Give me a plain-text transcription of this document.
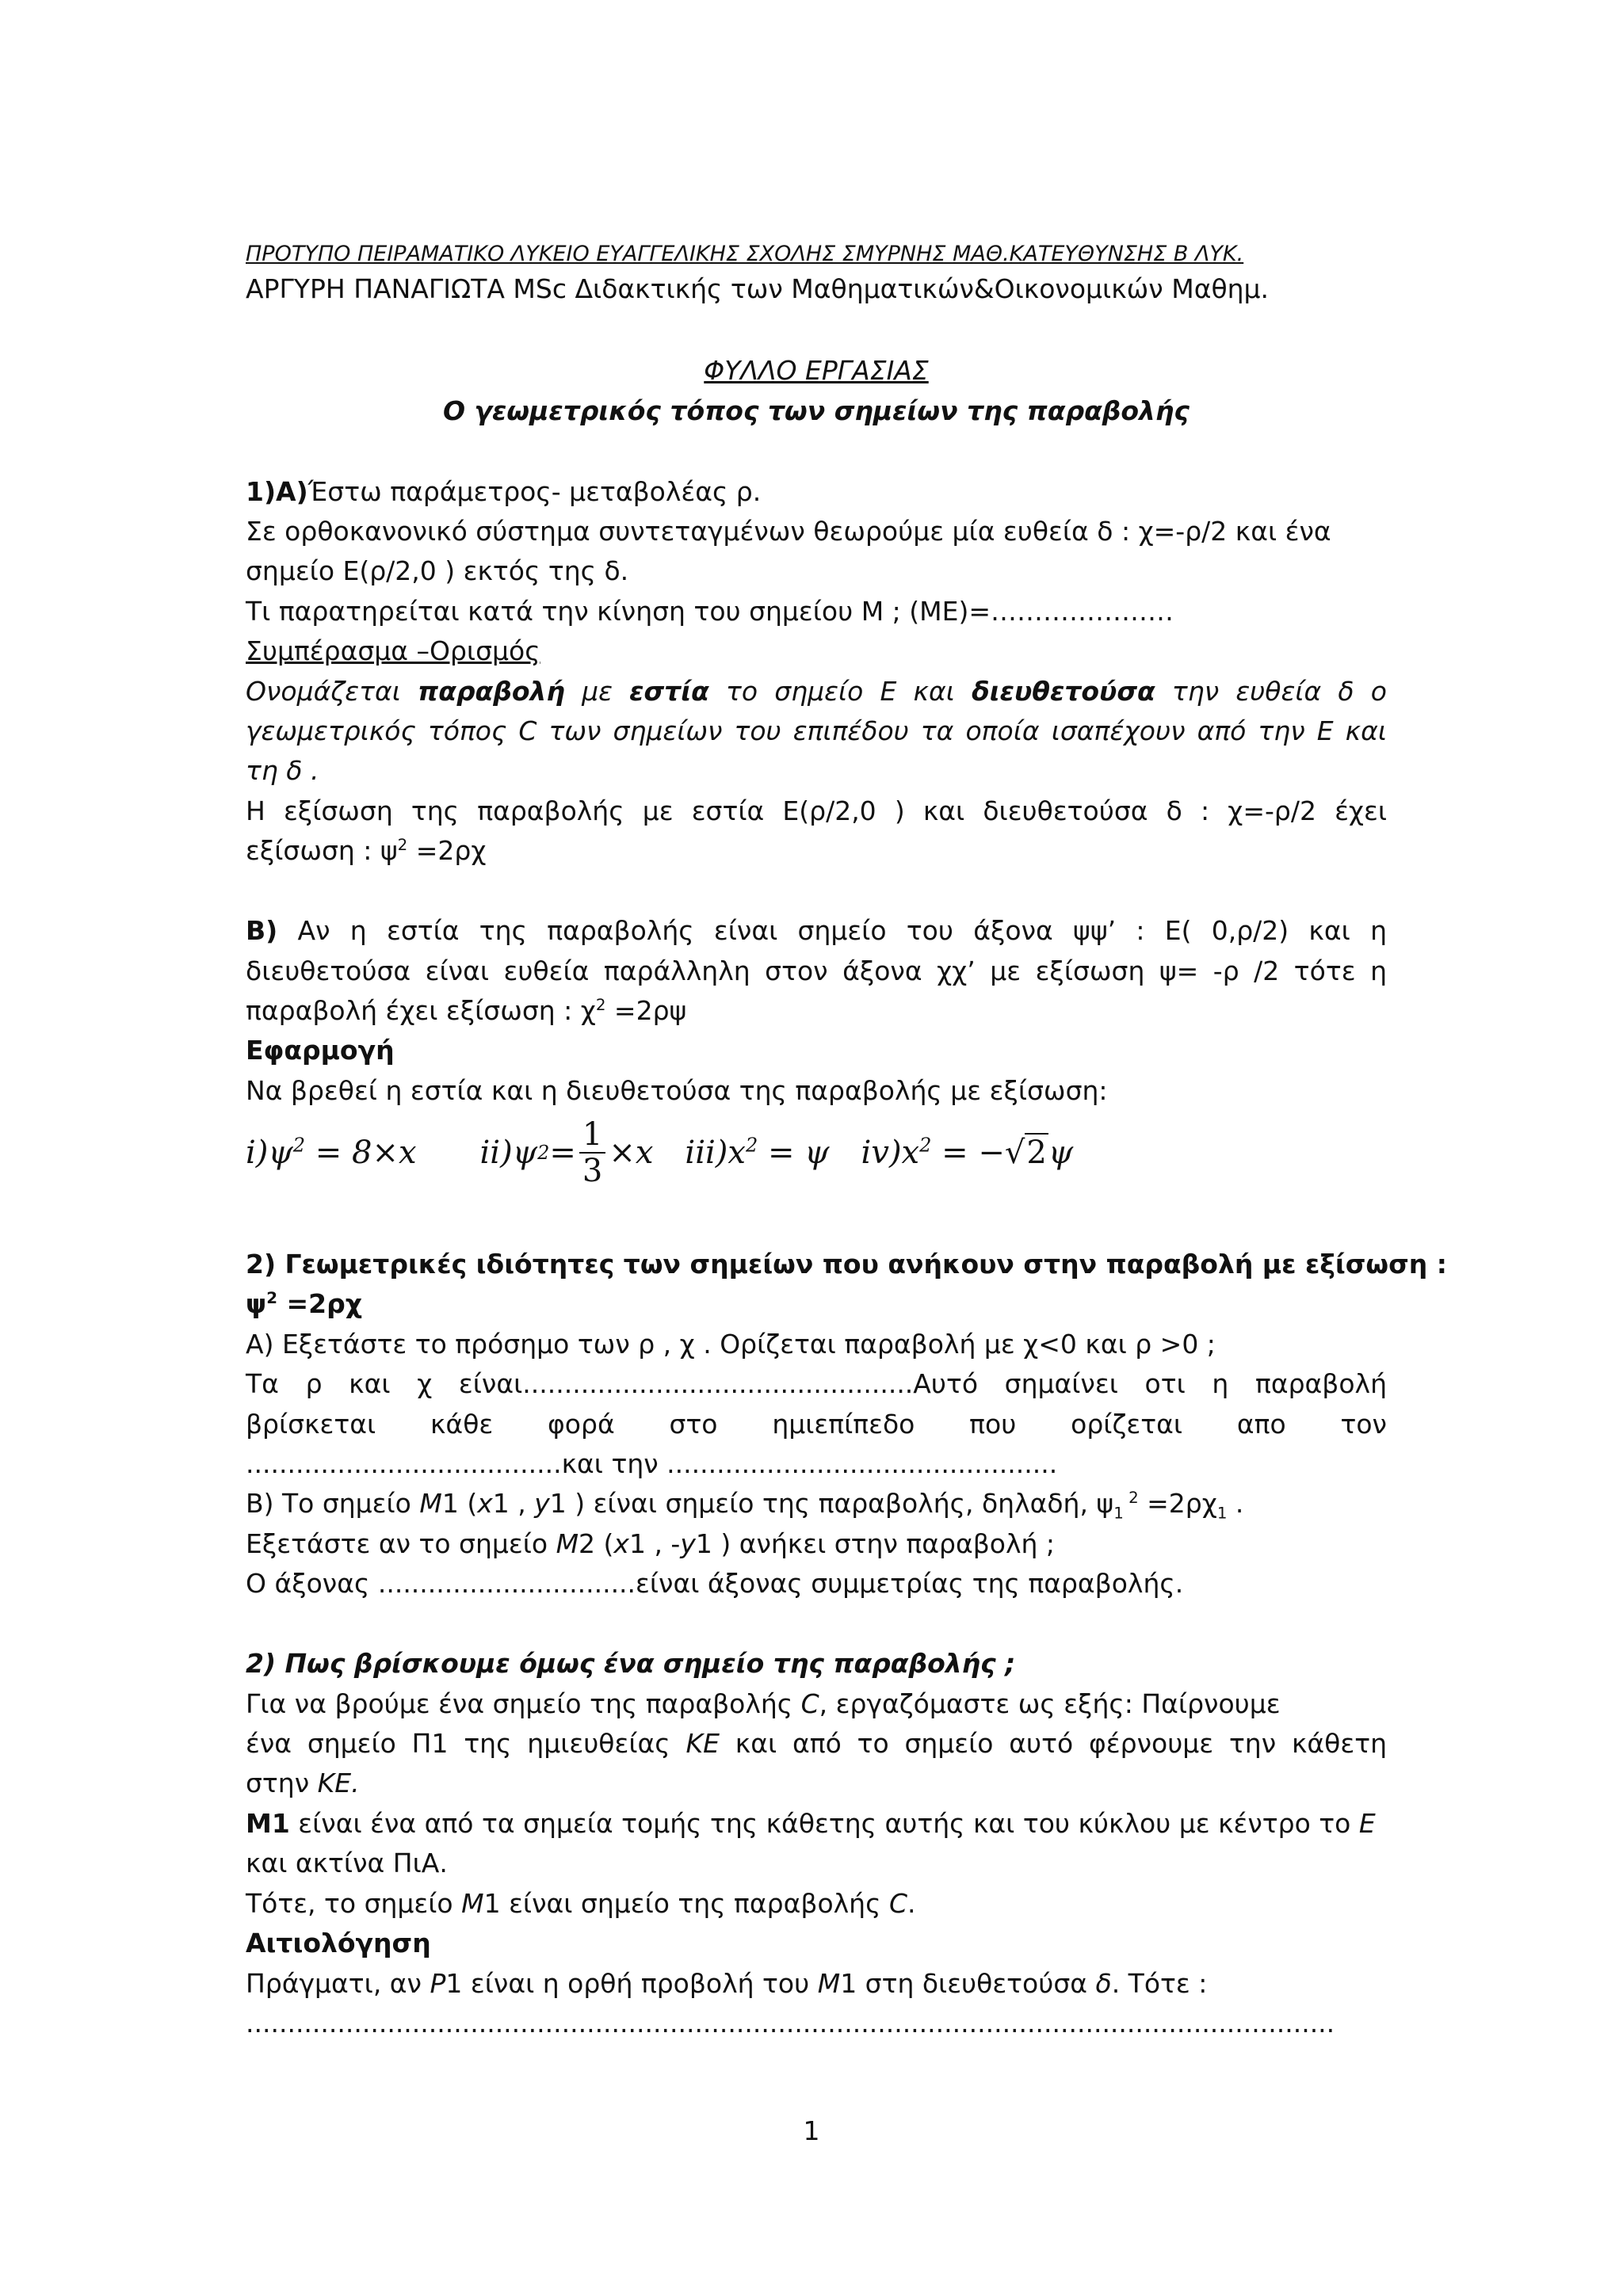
ΠΡΟΤΥΠΟ ΠΕΙΡΑΜΑΤΙΚΟ ΛΥΚΕΙΟ ΕΥΑΓΓΕΛΙΚΗΣ ΣΧΟΛΗΣ ΣΜΥΡΝΗΣ ΜΑΘ.ΚΑΤΕΥΘΥΝΣΗΣ Β ΛΥΚ.
ΑΡΓΥΡΗ ΠΑΝΑΓΙΩΤΑ MSc Διδακτικής των Μαθηματικών&Οικονομικών Μαθημ.
ΦΥΛΛΟ ΕΡΓΑΣΙΑΣ
Ο γεωμετρικός τόπος των σημείων της παραβολής
1)Α)Έστω παράμετρος- μεταβολέας ρ.
Σε ορθοκανονικό σύστημα συντεταγμένων θεωρούμε μία ευθεία δ : χ=-ρ/2 και ένα
σημείο Ε(ρ/2,0 ) εκτός της δ.
Τι παρατηρείται κατά την κίνηση του σημείου Μ ; (ΜΕ)=…………………
Συμπέρασμα –Ορισμός
Ονομάζεται παραβολή με εστία το σημείο Ε και διευθετούσα την ευθεία δ ο
γεωμετρικός τόπος C των σημείων του επιπέδου τα οποία ισαπέχουν από την Ε και
τη δ .
Η εξίσωση της παραβολής με εστία Ε(ρ/2,0 ) και διευθετούσα δ : χ=-ρ/2 έχει
εξίσωση : $\psi^2 =2\rho\chi$
Β) Αν η εστία της παραβολής είναι σημείο του άξονα ψψ’ : Ε( 0,ρ/2) και η
διευθετούσα είναι ευθεία παράλληλη στον άξονα χχ’ με εξίσωση ψ= -ρ /2 τότε η
παραβολή έχει εξίσωση : $\chi^2 =2\rho\psi$
Εφαρμογή
Να βρεθεί η εστία και η διευθετούσα της παραβολής με εξίσωση:
$i)\psi^2 = 8\times x$ ii)ψ $2 = \frac{1}{3} \times x$ $iii)x^2 = \psi$ $iv)x^2 = -√2\psi$
2) Γεωμετρικές ιδιότητες των σημείων που ανήκουν στην παραβολή με εξίσωση :
$\psi^2 =2\rho\chi$
Α) Εξετάστε το πρόσημο των ρ , χ . Ορίζεται παραβολή με χ<0 και ρ >0 ;
Τα ρ και χ είναι...............................................Αυτό σημαίνει οτι η παραβολή
βρίσκεται κάθε φορά στο ημιεπίπεδο που ορίζεται απο τον
......................................και την ...............................................
Β) Το σημείο Μ1 (x1 , y1 ) είναι σημείο της παραβολής, δηλαδή, $\psi_1$ $^2 =2\rho\chi_1$ .
Εξετάστε αν το σημείο Μ2 (x1 , -y1 ) ανήκει στην παραβολή ;
Ο άξονας ...............................είναι άξονας συμμετρίας της παραβολής.
2) Πως βρίσκουμε όμως ένα σημείο της παραβολής ;
Για να βρούμε ένα σημείο της παραβολής C, εργαζόμαστε ως εξής: Παίρνουμε
ένα σημείο Π1 της ημιευθείας ΚΕ και από το σημείο αυτό φέρνουμε την κάθετη
στην ΚΕ.
Μ1 είναι ένα από τα σημεία τομής της κάθετης αυτής και του κύκλου με κέντρο το Ε
και ακτίνα ΠιΑ.
Τότε, το σημείο Μ1 είναι σημείο της παραβολής C.
Αιτιολόγηση
Πράγματι, αν Ρ1 είναι η ορθή προβολή του Μ1 στη διευθετούσα δ. Τότε :
...................................................................................................................................
1
